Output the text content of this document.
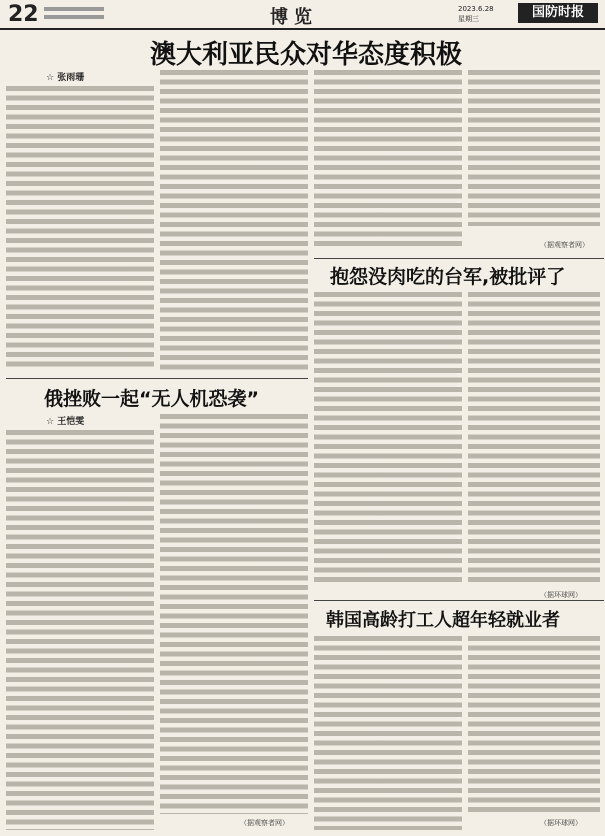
22	博览	2023.6.28
星期三	国防时报
澳大利亚民众对华态度积极
☆ 张雨珊
（据观察者网）
抱怨没肉吃的台军,被批评了
（据环球网）
俄挫败一起“无人机恐袭”
☆ 王恺雯
（据观察者网）
韩国高龄打工人超年轻就业者
（据环球网）
